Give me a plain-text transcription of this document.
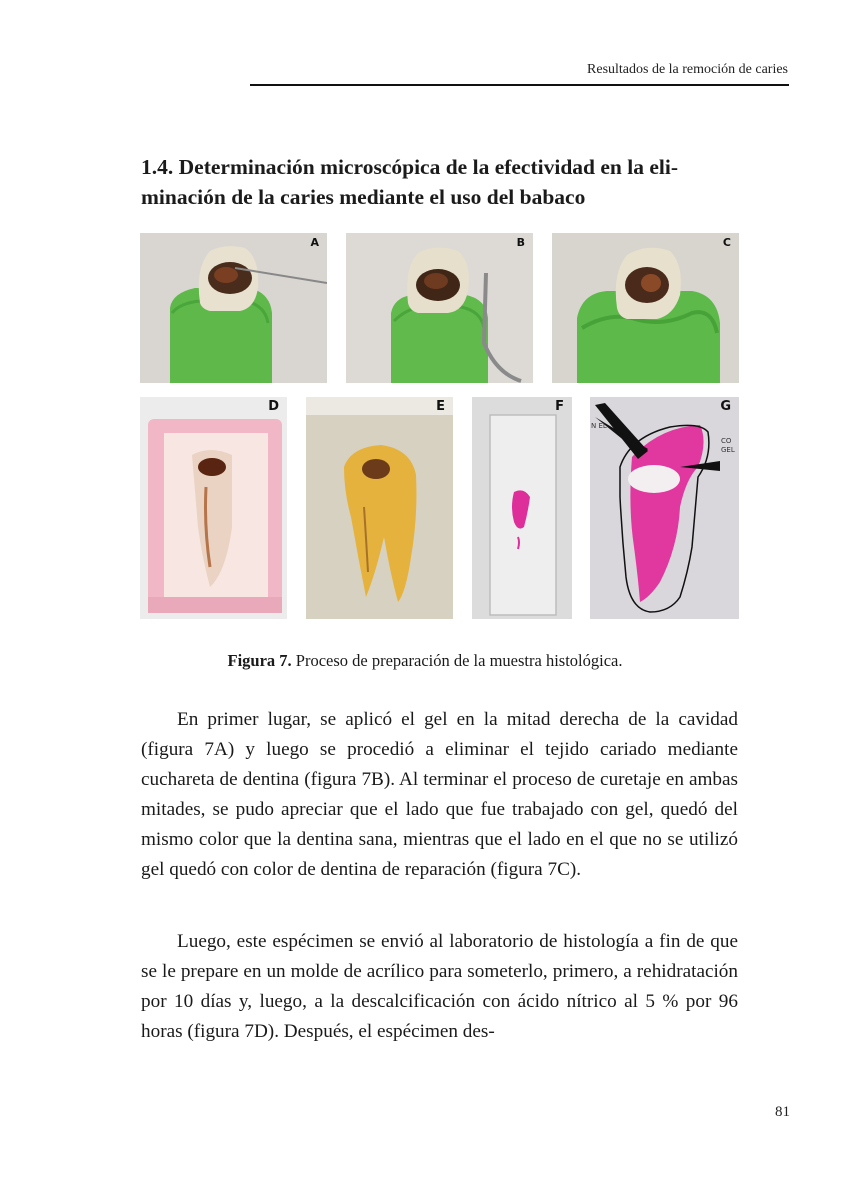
Resultados de la remoción de caries
1.4. Determinación microscópica de la efectividad en la eli-minación de la caries mediante el uso del babaco
A	B	C
D	E	F
N EL
CO GEL
G
Figura 7. Proceso de preparación de la muestra histológica.

En primer lugar, se aplicó el gel en la mitad derecha de la cavidad (figura 7A) y luego se procedió a eliminar el tejido cariado mediante cuchareta de dentina (figura 7B). Al terminar el proceso de curetaje en ambas mitades, se pudo apreciar que el lado que fue trabajado con gel, quedó del mismo color que la dentina sana, mientras que el lado en el que no se utilizó gel quedó con color de dentina de reparación (figura 7C).

Luego, este espécimen se envió al laboratorio de histología a fin de que se le prepare en un molde de acrílico para someterlo, primero, a rehidratación por 10 días y, luego, a la descalcificación con ácido nítrico al 5 % por 96 horas (figura 7D). Después, el espécimen des-

81
